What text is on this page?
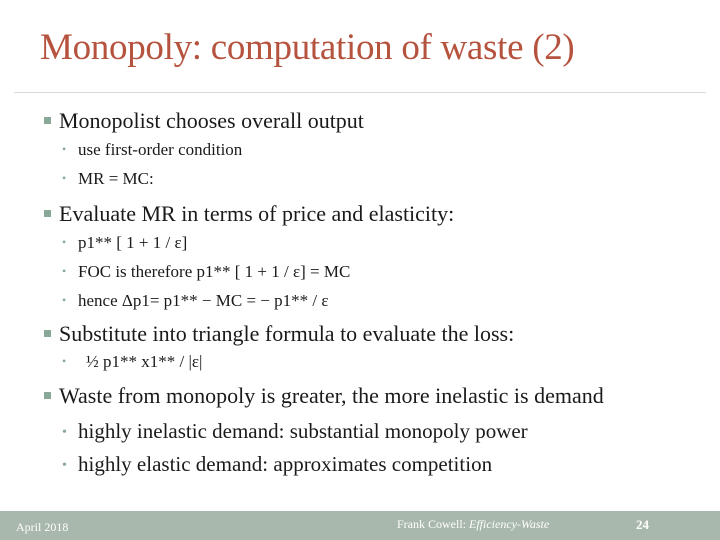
Monopoly: computation of waste (2)
Monopolist chooses overall output
• use first-order condition
• MR = MC:
Evaluate MR in terms of price and elasticity:
• p1** [ 1 + 1 / ε]
• FOC is therefore p1** [ 1 + 1 / ε] = MC
• hence Δp1= p1** − MC = − p1** / ε
Substitute into triangle formula to evaluate the loss:
• ½ p1** x1** / |ε|
Waste from monopoly is greater, the more inelastic is demand
• highly inelastic demand: substantial monopoly power
• highly elastic demand: approximates competition
April 2018	Frank Cowell: Efficiency-Waste	24
